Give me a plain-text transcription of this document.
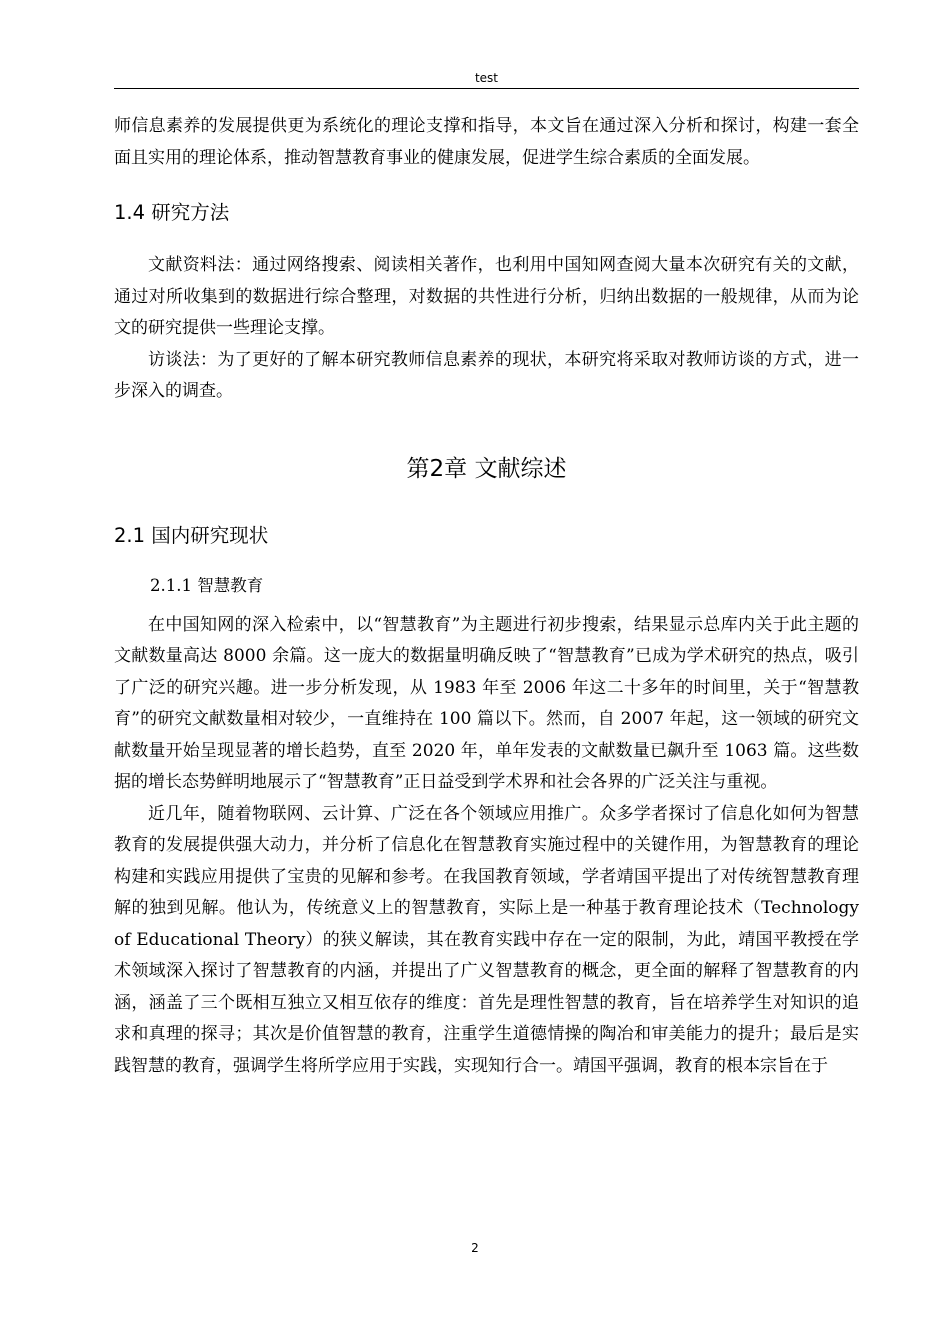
test

师信息素养的发展提供更为系统化的理论支撑和指导，本文旨在通过深入分析和探讨，构建一套全面且实用的理论体系，推动智慧教育事业的健康发展，促进学生综合素质的全面发展。

1.4 研究方法

文献资料法：通过网络搜索、阅读相关著作，也利用中国知网查阅大量本次研究有关的文献，通过对所收集到的数据进行综合整理，对数据的共性进行分析，归纳出数据的一般规律，从而为论文的研究提供一些理论支撑。

访谈法：为了更好的了解本研究教师信息素养的现状，本研究将采取对教师访谈的方式，进一步深入的调查。

第2章 文献综述
2.1 国内研究现状
2.1.1 智慧教育

在中国知网的深入检索中，以“智慧教育”为主题进行初步搜索，结果显示总库内关于此主题的文献数量高达 8000 余篇。这一庞大的数据量明确反映了“智慧教育”已成为学术研究的热点，吸引了广泛的研究兴趣。进一步分析发现，从 1983 年至 2006 年这二十多年的时间里，关于“智慧教育”的研究文献数量相对较少，一直维持在 100 篇以下。然而，自 2007 年起，这一领域的研究文献数量开始呈现显著的增长趋势，直至 2020 年，单年发表的文献数量已飙升至 1063 篇。这些数据的增长态势鲜明地展示了“智慧教育”正日益受到学术界和社会各界的广泛关注与重视。

近几年，随着物联网、云计算、广泛在各个领域应用推广。众多学者探讨了信息化如何为智慧教育的发展提供强大动力，并分析了信息化在智慧教育实施过程中的关键作用，为智慧教育的理论构建和实践应用提供了宝贵的见解和参考。在我国教育领域，学者靖国平提出了对传统智慧教育理解的独到见解。他认为，传统意义上的智慧教育，实际上是一种基于教育理论技术（Technology of Educational Theory）的狭义解读，其在教育实践中存在一定的限制，为此，靖国平教授在学术领域深入探讨了智慧教育的内涵，并提出了广义智慧教育的概念，更全面的解释了智慧教育的内涵，涵盖了三个既相互独立又相互依存的维度：首先是理性智慧的教育，旨在培养学生对知识的追求和真理的探寻；其次是价值智慧的教育，注重学生道德情操的陶冶和审美能力的提升；最后是实践智慧的教育，强调学生将所学应用于实践，实现知行合一。靖国平强调，教育的根本宗旨在于

2
